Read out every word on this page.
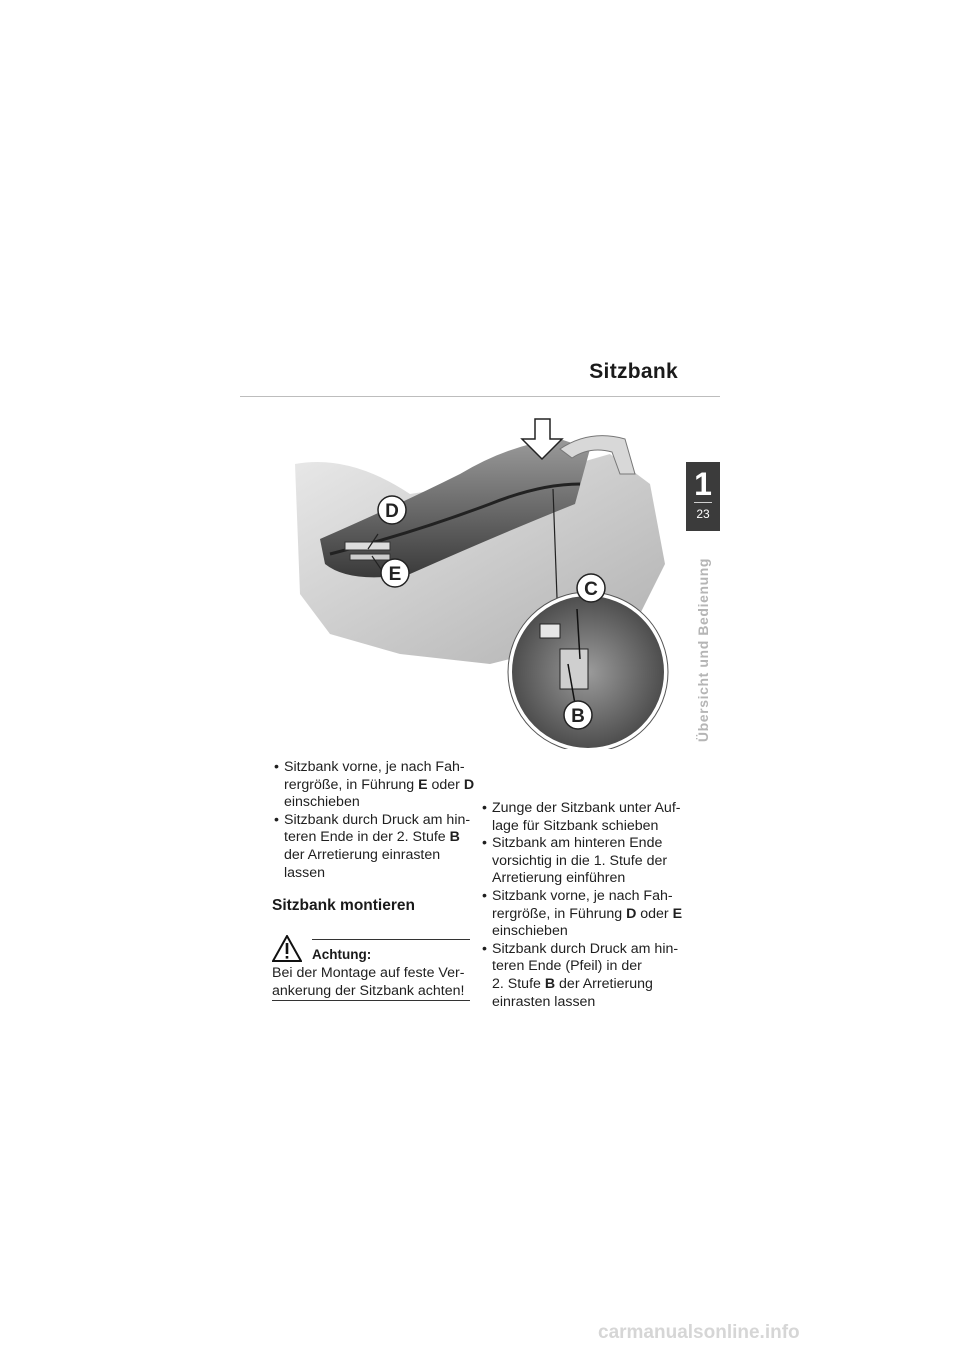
Sitzbank
1
23
Übersicht und Bedienung
D
E
C
B
• Sitzbank vorne, je nach Fah-
rergröße, in Führung E oder D
einschieben
• Sitzbank durch Druck am hin-
teren Ende in der 2. Stufe B
der Arretierung einrasten
lassen
Sitzbank montieren
Achtung:
Bei der Montage auf feste Ver-
ankerung der Sitzbank achten!
• Zunge der Sitzbank unter Auf-
lage für Sitzbank schieben
• Sitzbank am hinteren Ende
vorsichtig in die 1. Stufe der
Arretierung einführen
• Sitzbank vorne, je nach Fah-
rergröße, in Führung D oder E
einschieben
• Sitzbank durch Druck am hin-
teren Ende (Pfeil) in der
2. Stufe B der Arretierung
einrasten lassen
carmanualsonline.info
